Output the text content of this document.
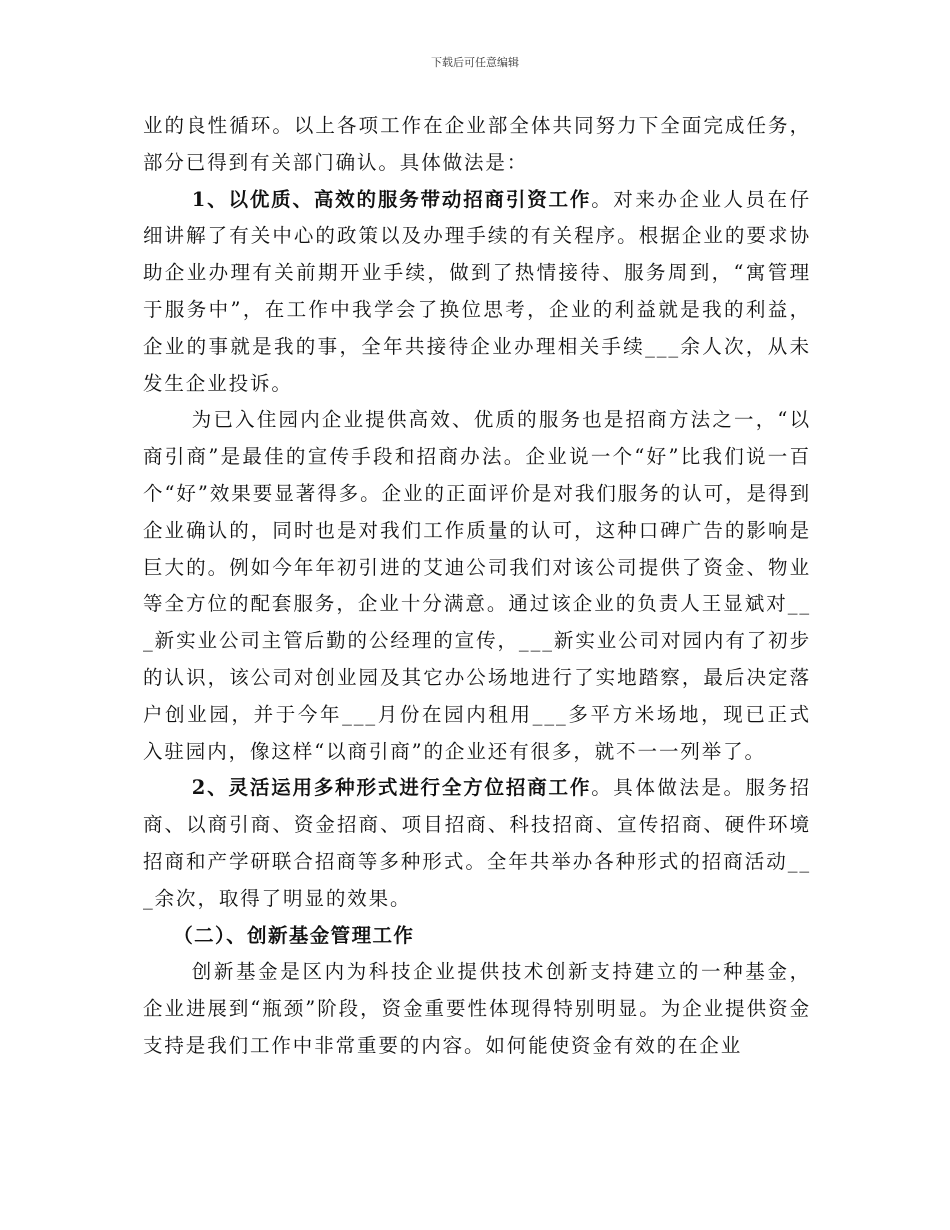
下载后可任意编辑

业的良性循环。以上各项工作在企业部全体共同努力下全面完成任务，部分已得到有关部门确认。具体做法是：

1、以优质、高效的服务带动招商引资工作。对来办企业人员在仔细讲解了有关中心的政策以及办理手续的有关程序。根据企业的要求协助企业办理有关前期开业手续，做到了热情接待、服务周到，“寓管理于服务中”，在工作中我学会了换位思考，企业的利益就是我的利益，企业的事就是我的事，全年共接待企业办理相关手续___余人次，从未发生企业投诉。

为已入住园内企业提供高效、优质的服务也是招商方法之一，“以商引商”是最佳的宣传手段和招商办法。企业说一个“好”比我们说一百个“好”效果要显著得多。企业的正面评价是对我们服务的认可，是得到企业确认的，同时也是对我们工作质量的认可，这种口碑广告的影响是巨大的。例如今年年初引进的艾迪公司我们对该公司提供了资金、物业等全方位的配套服务，企业十分满意。通过该企业的负责人王显斌对___新实业公司主管后勤的公经理的宣传，___新实业公司对园内有了初步的认识，该公司对创业园及其它办公场地进行了实地踏察，最后决定落户创业园，并于今年___月份在园内租用___多平方米场地，现已正式入驻园内，像这样“以商引商”的企业还有很多，就不一一列举了。

2、灵活运用多种形式进行全方位招商工作。具体做法是。服务招商、以商引商、资金招商、项目招商、科技招商、宣传招商、硬件环境招商和产学研联合招商等多种形式。全年共举办各种形式的招商活动___余次，取得了明显的效果。

（二）、创新基金管理工作

创新基金是区内为科技企业提供技术创新支持建立的一种基金，企业进展到“瓶颈”阶段，资金重要性体现得特别明显。为企业提供资金支持是我们工作中非常重要的内容。如何能使资金有效的在企业
